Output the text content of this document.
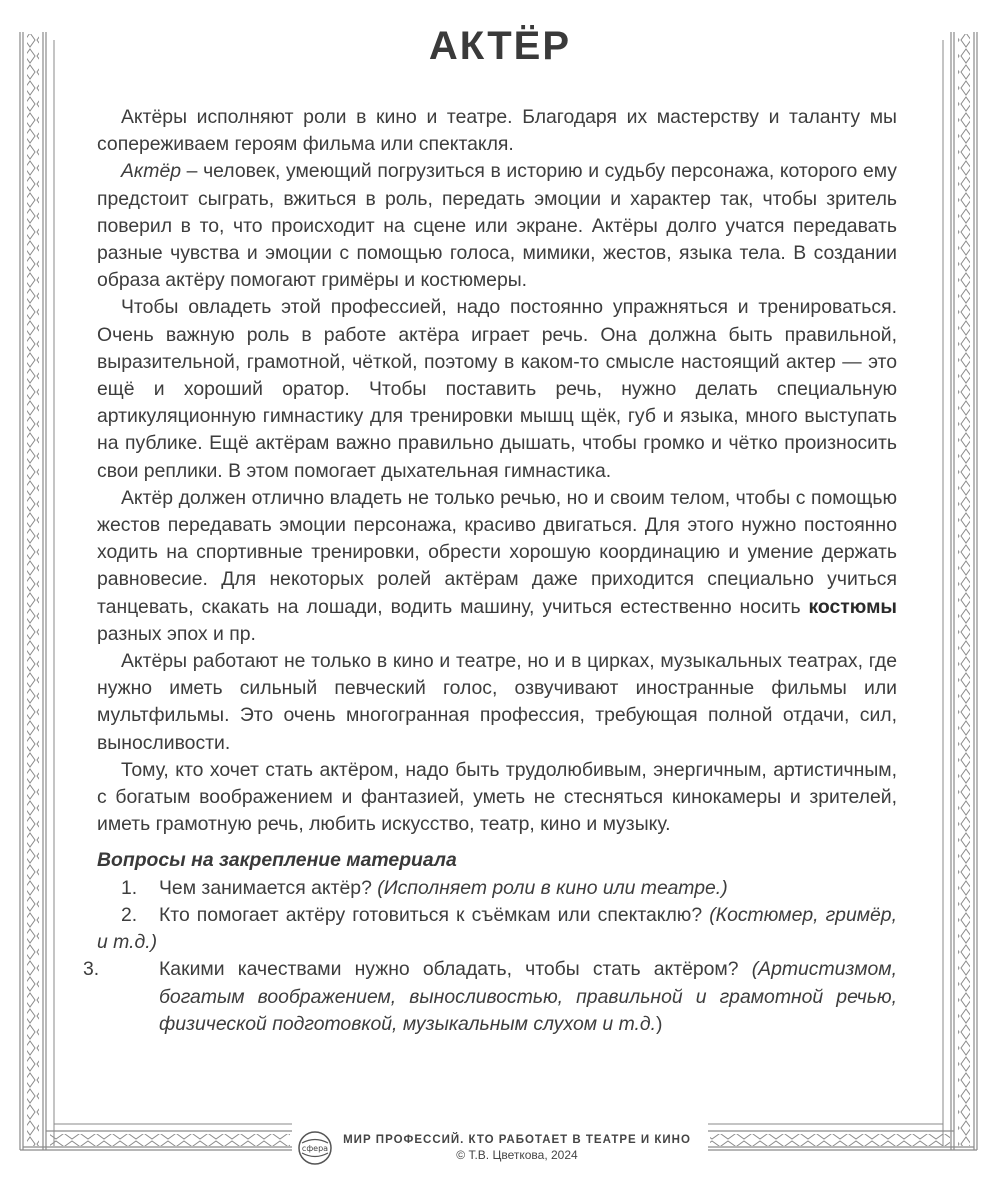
АКТЁР

Актёры исполняют роли в кино и театре. Благодаря их мастерству и таланту мы сопереживаем героям фильма или спектакля.

Актёр – человек, умеющий погрузиться в историю и судьбу персонажа, которого ему предстоит сыграть, вжиться в роль, передать эмоции и характер так, чтобы зритель поверил в то, что происходит на сцене или экране. Актёры долго учатся передавать разные чувства и эмоции с помощью голоса, мимики, жестов, языка тела. В создании образа актёру помогают гримёры и костюмеры.

Чтобы овладеть этой профессией, надо постоянно упражняться и тренироваться. Очень важную роль в работе актёра играет речь. Она должна быть правильной, выразительной, грамотной, чёткой, поэтому в каком-то смысле настоящий актер — это ещё и хороший оратор. Чтобы поставить речь, нужно делать специальную артикуляционную гимнастику для тренировки мышц щёк, губ и языка, много выступать на публике. Ещё актёрам важно правильно дышать, чтобы громко и чётко произносить свои реплики. В этом помогает дыхательная гимнастика.

Актёр должен отлично владеть не только речью, но и своим телом, чтобы с помощью жестов передавать эмоции персонажа, красиво двигаться. Для этого нужно постоянно ходить на спортивные тренировки, обрести хорошую координацию и умение держать равновесие. Для некоторых ролей актёрам даже приходится специально учиться танцевать, скакать на лошади, водить машину, учиться естественно носить костюмы разных эпох и пр.

Актёры работают не только в кино и театре, но и в цирках, музыкальных театрах, где нужно иметь сильный певческий голос, озвучивают иностранные фильмы или мультфильмы. Это очень многогранная профессия, требующая полной отдачи, сил, выносливости.

Тому, кто хочет стать актёром, надо быть трудолюбивым, энергичным, артистичным, с богатым воображением и фантазией, уметь не стесняться кинокамеры и зрителей, иметь грамотную речь, любить искусство, театр, кино и музыку.

Вопросы на закрепление материала
1. Чем занимается актёр? (Исполняет роли в кино или театре.)
2. Кто помогает актёру готовиться к съёмкам или спектаклю? (Костюмер, гримёр, и т.д.)
3.	Какими качествами нужно обладать, чтобы стать актёром? (Артистизмом, богатым воображением, выносливостью, правильной и грамотной речью, физической подготовкой, музыкальным слухом и т.д.)
сфера
МИР ПРОФЕССИЙ. КТО РАБОТАЕТ В ТЕАТРЕ И КИНО
© Т.В. Цветкова, 2024
